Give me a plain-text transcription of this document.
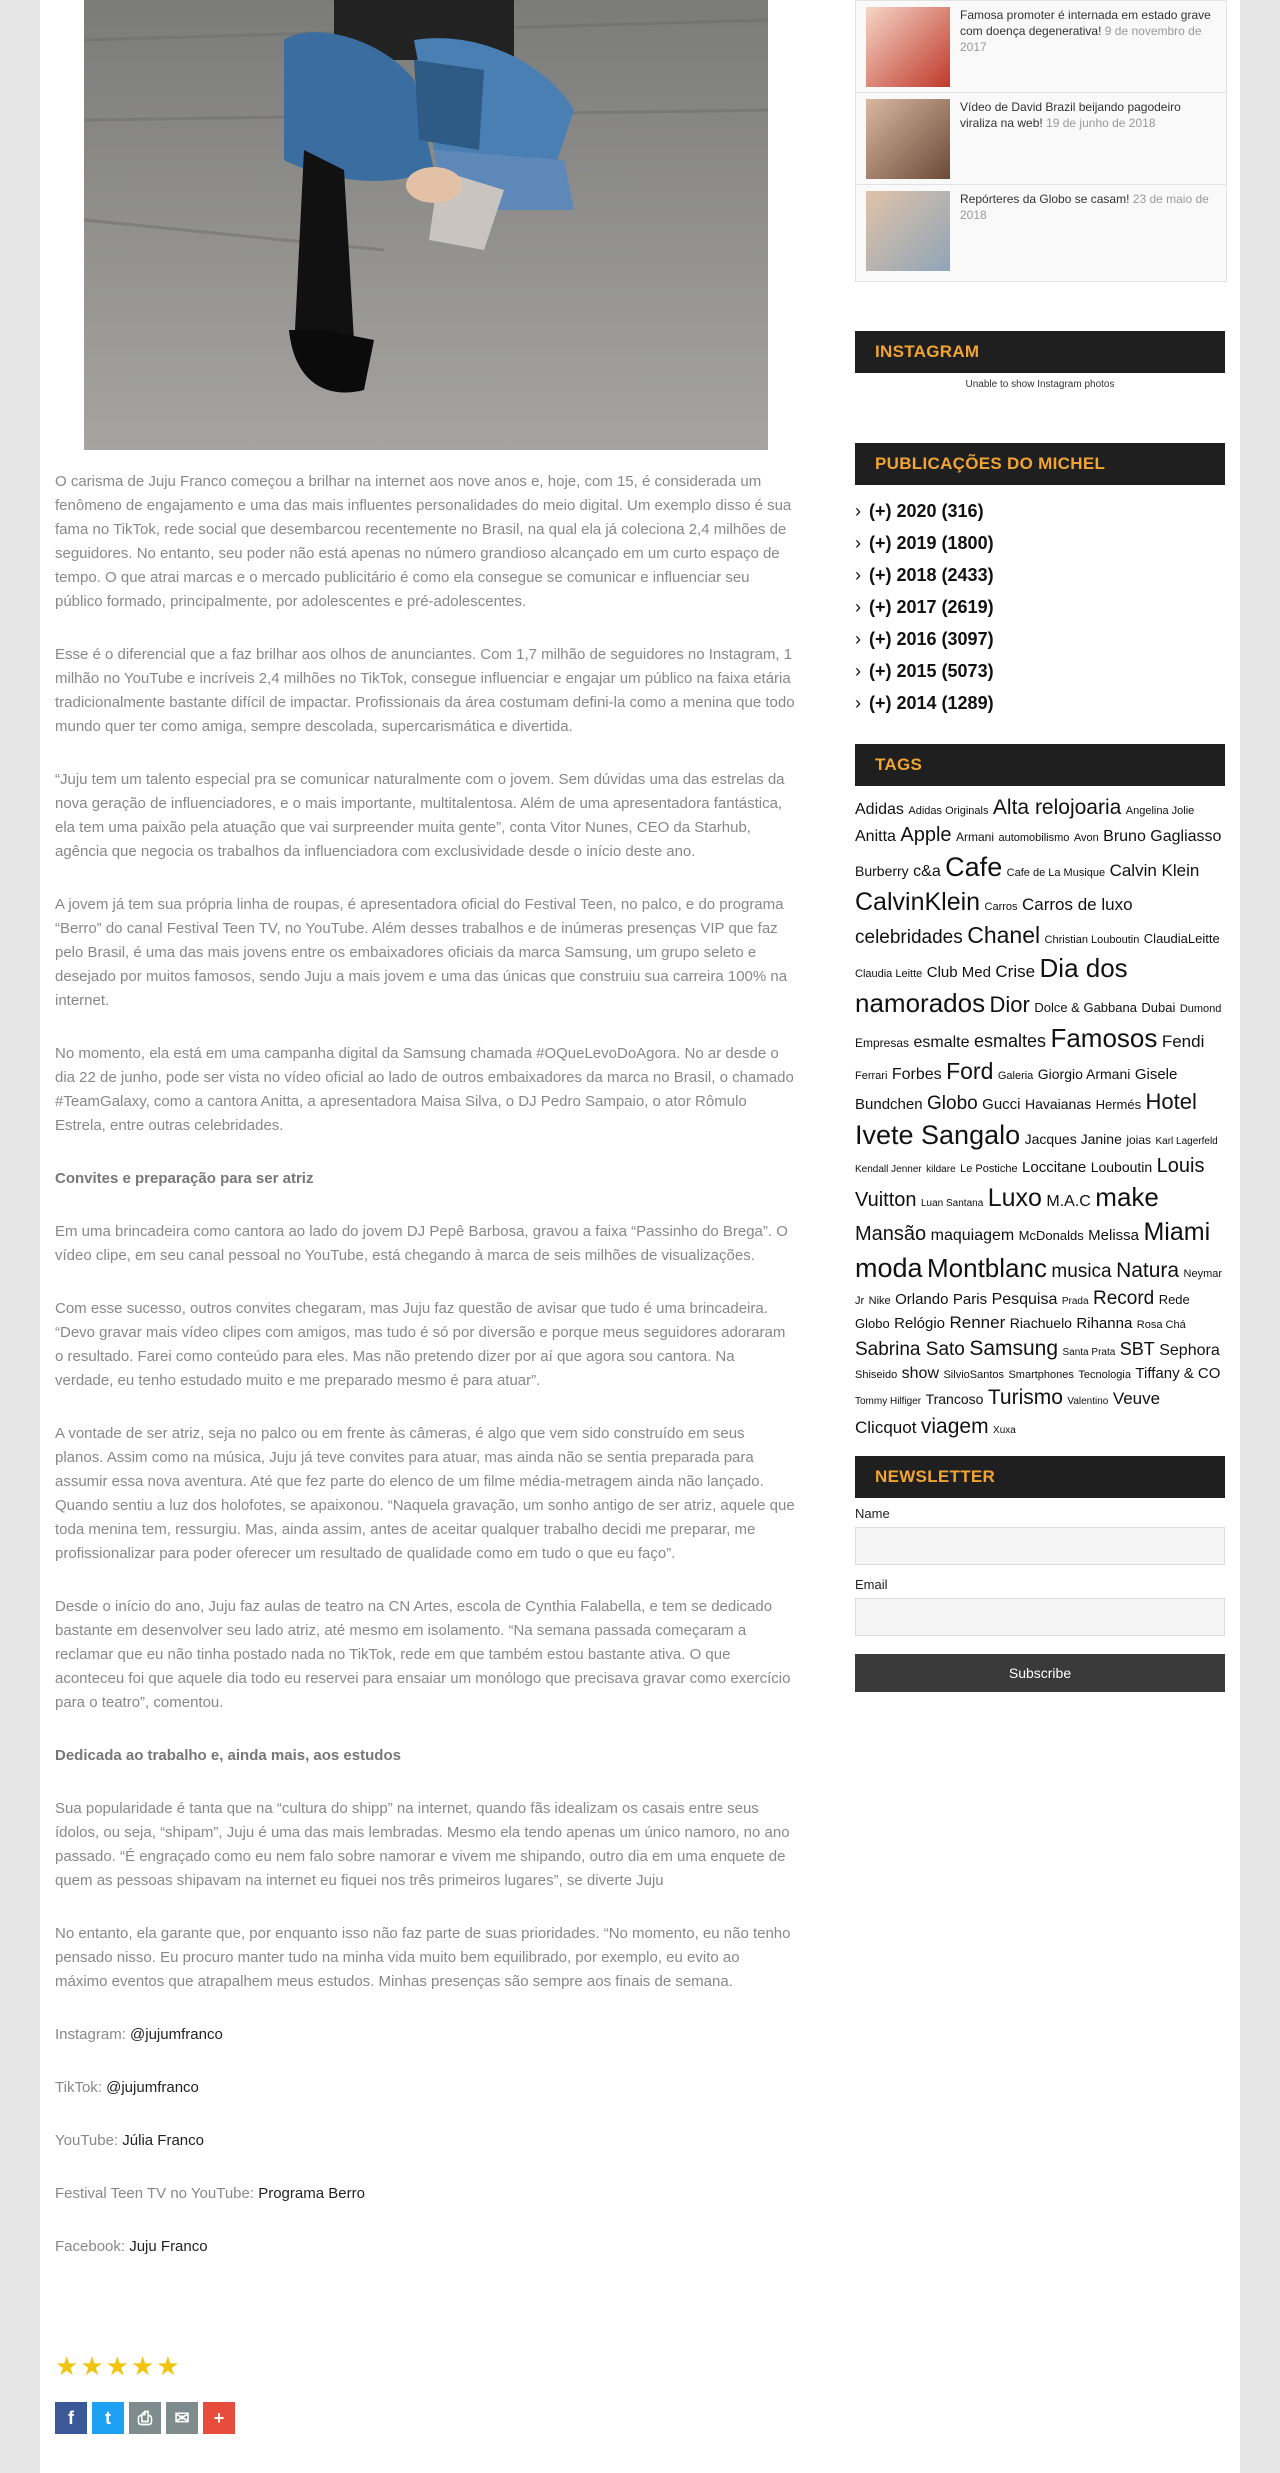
O carisma de Juju Franco começou a brilhar na internet aos nove anos e, hoje, com 15, é considerada um fenômeno de engajamento e uma das mais influentes personalidades do meio digital. Um exemplo disso é sua fama no TikTok, rede social que desembarcou recentemente no Brasil, na qual ela já coleciona 2,4 milhões de seguidores. No entanto, seu poder não está apenas no número grandioso alcançado em um curto espaço de tempo. O que atrai marcas e o mercado publicitário é como ela consegue se comunicar e influenciar seu público formado, principalmente, por adolescentes e pré-adolescentes.

Esse é o diferencial que a faz brilhar aos olhos de anunciantes. Com 1,7 milhão de seguidores no Instagram, 1 milhão no YouTube e incríveis 2,4 milhões no TikTok, consegue influenciar e engajar um público na faixa etária tradicionalmente bastante difícil de impactar. Profissionais da área costumam defini-la como a menina que todo mundo quer ter como amiga, sempre descolada, supercarismática e divertida.

“Juju tem um talento especial pra se comunicar naturalmente com o jovem. Sem dúvidas uma das estrelas da nova geração de influenciadores, e o mais importante, multitalentosa. Além de uma apresentadora fantástica, ela tem uma paixão pela atuação que vai surpreender muita gente”, conta Vitor Nunes, CEO da Starhub, agência que negocia os trabalhos da influenciadora com exclusividade desde o início deste ano.

A jovem já tem sua própria linha de roupas, é apresentadora oficial do Festival Teen, no palco, e do programa “Berro” do canal Festival Teen TV, no YouTube. Além desses trabalhos e de inúmeras presenças VIP que faz pelo Brasil, é uma das mais jovens entre os embaixadores oficiais da marca Samsung, um grupo seleto e desejado por muitos famosos, sendo Juju a mais jovem e uma das únicas que construiu sua carreira 100% na internet.

No momento, ela está em uma campanha digital da Samsung chamada #OQueLevoDoAgora. No ar desde o dia 22 de junho, pode ser vista no vídeo oficial ao lado de outros embaixadores da marca no Brasil, o chamado #TeamGalaxy, como a cantora Anitta, a apresentadora Maisa Silva, o DJ Pedro Sampaio, o ator Rômulo Estrela, entre outras celebridades.

Convites e preparação para ser atriz

Em uma brincadeira como cantora ao lado do jovem DJ Pepê Barbosa, gravou a faixa “Passinho do Brega”. O vídeo clipe, em seu canal pessoal no YouTube, está chegando à marca de seis milhões de visualizações.

Com esse sucesso, outros convites chegaram, mas Juju faz questão de avisar que tudo é uma brincadeira. “Devo gravar mais vídeo clipes com amigos, mas tudo é só por diversão e porque meus seguidores adoraram o resultado. Farei como conteúdo para eles. Mas não pretendo dizer por aí que agora sou cantora. Na verdade, eu tenho estudado muito e me preparado mesmo é para atuar”.

A vontade de ser atriz, seja no palco ou em frente às câmeras, é algo que vem sido construído em seus planos. Assim como na música, Juju já teve convites para atuar, mas ainda não se sentia preparada para assumir essa nova aventura. Até que fez parte do elenco de um filme média-metragem ainda não lançado. Quando sentiu a luz dos holofotes, se apaixonou. “Naquela gravação, um sonho antigo de ser atriz, aquele que toda menina tem, ressurgiu. Mas, ainda assim, antes de aceitar qualquer trabalho decidi me preparar, me profissionalizar para poder oferecer um resultado de qualidade como em tudo o que eu faço”.

Desde o início do ano, Juju faz aulas de teatro na CN Artes, escola de Cynthia Falabella, e tem se dedicado bastante em desenvolver seu lado atriz, até mesmo em isolamento. “Na semana passada começaram a reclamar que eu não tinha postado nada no TikTok, rede em que também estou bastante ativa. O que aconteceu foi que aquele dia todo eu reservei para ensaiar um monólogo que precisava gravar como exercício para o teatro”, comentou.

Dedicada ao trabalho e, ainda mais, aos estudos

Sua popularidade é tanta que na “cultura do shipp” na internet, quando fãs idealizam os casais entre seus ídolos, ou seja, “shipam”, Juju é uma das mais lembradas. Mesmo ela tendo apenas um único namoro, no ano passado. “É engraçado como eu nem falo sobre namorar e vivem me shipando, outro dia em uma enquete de quem as pessoas shipavam na internet eu fiquei nos três primeiros lugares”, se diverte Juju

No entanto, ela garante que, por enquanto isso não faz parte de suas prioridades. “No momento, eu não tenho pensado nisso. Eu procuro manter tudo na minha vida muito bem equilibrado, por exemplo, eu evito ao máximo eventos que atrapalhem meus estudos. Minhas presenças são sempre aos finais de semana.

Instagram: @jujumfranco

TikTok: @jujumfranco

YouTube: Júlia Franco

Festival Teen TV no YouTube: Programa Berro

Facebook: Juju Franco

★ ★ ★ ★ ★
f	t	⎙	✉	+
Famosa promoter é internada em estado grave com doença degenerativa! 9 de novembro de 2017
Vídeo de David Brazil beijando pagodeiro viraliza na web! 19 de junho de 2018
Repórteres da Globo se casam! 23 de maio de 2018
INSTAGRAM
Unable to show Instagram photos
PUBLICAÇÕES DO MICHEL
› (+) 2020 (316)
› (+) 2019 (1800)
› (+) 2018 (2433)
› (+) 2017 (2619)
› (+) 2016 (3097)
› (+) 2015 (5073)
› (+) 2014 (1289)
TAGS
Adidas Adidas Originals Alta relojoaria Angelina Jolie Anitta Apple Armani automobilismo Avon Bruno Gagliasso Burberry c&a Cafe Cafe de La Musique Calvin Klein CalvinKlein Carros Carros de luxo celebridades Chanel Christian Louboutin ClaudiaLeitte Claudia Leitte Club Med Crise Dia dos namorados Dior Dolce & Gabbana Dubai Dumond Empresas esmalte esmaltes Famosos Fendi Ferrari Forbes Ford Galeria Giorgio Armani Gisele Bundchen Globo Gucci Havaianas Hermés Hotel Ivete Sangalo Jacques Janine joias Karl Lagerfeld Kendall Jenner kildare Le Postiche Loccitane Louboutin Louis Vuitton Luan Santana Luxo M.A.C make Mansão maquiagem McDonalds Melissa Miami moda Montblanc musica Natura Neymar Jr Nike Orlando Paris Pesquisa Prada Record Rede Globo Relógio Renner Riachuelo Rihanna Rosa Chá Sabrina Sato Samsung Santa Prata SBT Sephora Shiseido show SilvioSantos Smartphones Tecnologia Tiffany & CO Tommy Hilfiger Trancoso Turismo Valentino Veuve Clicquot viagem Xuxa
NEWSLETTER
Name
Email
Subscribe
